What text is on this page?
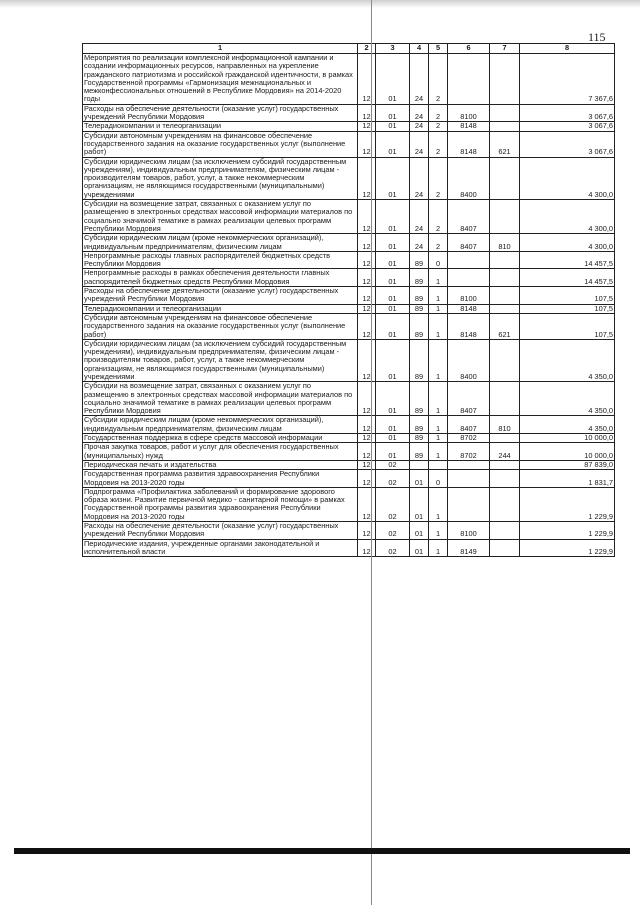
115
1	2	3	4	5	6	7	8
Мероприятия по реализации комплексной информационной кампании и создании информационных ресурсов, направленных на укрепление гражданского патриотизма и российской гражданской идентичности, в рамках Государственной программы «Гармонизация межнациональных и межконфессиональных отношений в Республике Мордовия» на 2014-2020 годы	12	01	24	2			7 367,6
Расходы на обеспечение деятельности (оказание услуг) государственных учреждений Республики Мордовия	12	01	24	2	8100		3 067,6
Телерадиокомпании и телеорганизации	12	01	24	2	8148		3 067,6
Субсидии автономным учреждениям на финансовое обеспечение государственного задания на оказание государственных услуг (выполнение работ)	12	01	24	2	8148	621	3 067,6
Субсидии юридическим лицам (за исключением субсидий государственным учреждениям), индивидуальным предпринимателям, физическим лицам - производителям товаров, работ, услуг, а также некоммерческим организациям, не являющимся государственными (муниципальными) учреждениями	12	01	24	2	8400		4 300,0
Субсидии на возмещение затрат, связанных с оказанием услуг по размещению в электронных средствах массовой информации материалов по социально значимой тематике в рамках реализации целевых программ Республики Мордовия	12	01	24	2	8407		4 300,0
Субсидии юридическим лицам (кроме некоммерческих организаций), индивидуальным предпринимателям, физическим лицам	12	01	24	2	8407	810	4 300,0
Непрограммные расходы главных распорядителей бюджетных средств Республики Мордовия	12	01	89	0			14 457,5
Непрограммные расходы в рамках обеспечения деятельности главных распорядителей бюджетных средств Республики Мордовия	12	01	89	1			14 457,5
Расходы на обеспечение деятельности (оказание услуг) государственных учреждений Республики Мордовия	12	01	89	1	8100		107,5
Телерадиокомпании и телеорганизации	12	01	89	1	8148		107,5
Субсидии автономным учреждениям на финансовое обеспечение государственного задания на оказание государственных услуг (выполнение работ)	12	01	89	1	8148	621	107,5
Субсидии юридическим лицам (за исключением субсидий государственным учреждениям), индивидуальным предпринимателям, физическим лицам - производителям товаров, работ, услуг, а также некоммерческим организациям, не являющимся государственными (муниципальными) учреждениями	12	01	89	1	8400		4 350,0
Субсидии на возмещение затрат, связанных с оказанием услуг по размещению в электронных средствах массовой информации материалов по социально значимой тематике в рамках реализации целевых программ Республики Мордовия	12	01	89	1	8407		4 350,0
Субсидии юридическим лицам (кроме некоммерческих организаций), индивидуальным предпринимателям, физическим лицам	12	01	89	1	8407	810	4 350,0
Государственная поддержка в сфере средств массовой информации	12	01	89	1	8702		10 000,0
Прочая закупка товаров, работ и услуг для обеспечения государственных (муниципальных) нужд	12	01	89	1	8702	244	10 000,0
Периодическая печать и издательства	12	02					87 839,0
Государственная программа развития здравоохранения Республики Мордовия на 2013-2020 годы	12	02	01	0			1 831,7
Подпрограмма «Профилактика заболеваний и формирование здорового образа жизни. Развитие первичной медико - санитарной помощи» в рамках Государственной программы развития здравоохранения Республики Мордовия на 2013-2020 годы	12	02	01	1			1 229,9
Расходы на обеспечение деятельности (оказание услуг) государственных учреждений Республики Мордовия	12	02	01	1	8100		1 229,9
Периодические издания, учрежденные органами законодательной и исполнительной власти	12	02	01	1	8149		1 229,9
